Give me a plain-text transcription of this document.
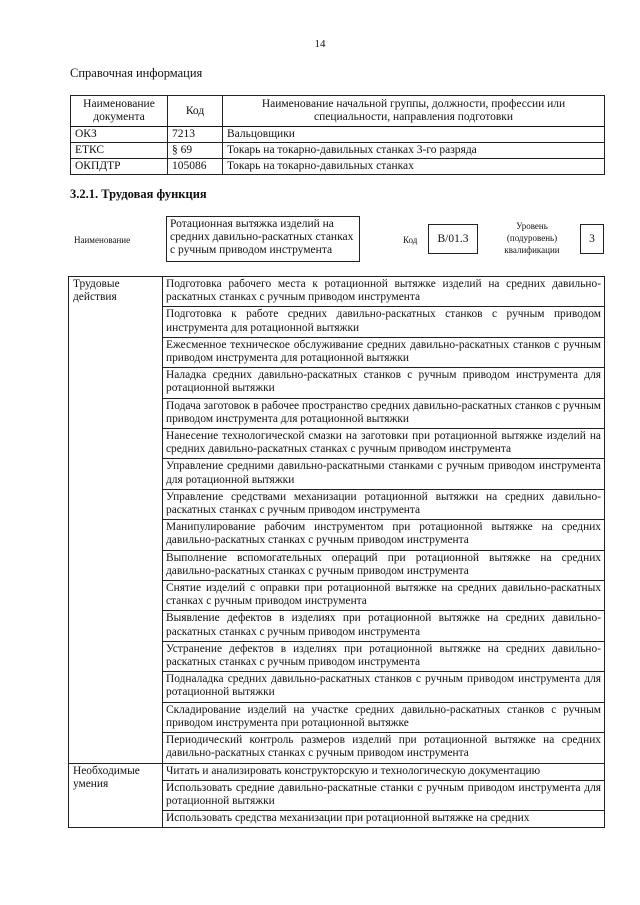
14
Справочная информация
Наименование документа	Код	Наименование начальной группы, должности, профессии или специальности, направления подготовки
ОКЗ	7213	Вальцовщики
ЕТКС	§ 69	Токарь на токарно-давильных станках 3-го разряда
ОКПДТР	105086	Токарь на токарно-давильных станках
3.2.1. Трудовая функция
Наименование
Ротационная вытяжка изделий на средних давильно-раскатных станках с ручным приводом инструмента
Код	B/01.3
Уровень (подуровень) квалификации
3
Трудовые действия	Подготовка рабочего места к ротационной вытяжке изделий на средних давильно-раскатных станках с ручным приводом инструмента
	Подготовка к работе средних давильно-раскатных станков с ручным приводом инструмента для ротационной вытяжки
	Ежесменное техническое обслуживание средних давильно-раскатных станков с ручным приводом инструмента для ротационной вытяжки
	Наладка средних давильно-раскатных станков с ручным приводом инструмента для ротационной вытяжки
	Подача заготовок в рабочее пространство средних давильно-раскатных станков с ручным приводом инструмента для ротационной вытяжки
	Нанесение технологической смазки на заготовки при ротационной вытяжке изделий на средних давильно-раскатных станках с ручным приводом инструмента
	Управление средними давильно-раскатными станками с ручным приводом инструмента для ротационной вытяжки
	Управление средствами механизации ротационной вытяжки на средних давильно-раскатных станках с ручным приводом инструмента
	Манипулирование рабочим инструментом при ротационной вытяжке на средних давильно-раскатных станках с ручным приводом инструмента
	Выполнение вспомогательных операций при ротационной вытяжке на средних давильно-раскатных станках с ручным приводом инструмента
	Снятие изделий с оправки при ротационной вытяжке на средних давильно-раскатных станках с ручным приводом инструмента
	Выявление дефектов в изделиях при ротационной вытяжке на средних давильно-раскатных станках с ручным приводом инструмента
	Устранение дефектов в изделиях при ротационной вытяжке на средних давильно-раскатных станках с ручным приводом инструмента
	Подналадка средних давильно-раскатных станков с ручным приводом инструмента для ротационной вытяжки
	Складирование изделий на участке средних давильно-раскатных станков с ручным приводом инструмента при ротационной вытяжке
	Периодический контроль размеров изделий при ротационной вытяжке на средних давильно-раскатных станках с ручным приводом инструмента
Необходимые умения	Читать и анализировать конструкторскую и технологическую документацию
	Использовать средние давильно-раскатные станки с ручным приводом инструмента для ротационной вытяжки
	Использовать средства механизации при ротационной вытяжке на средних
